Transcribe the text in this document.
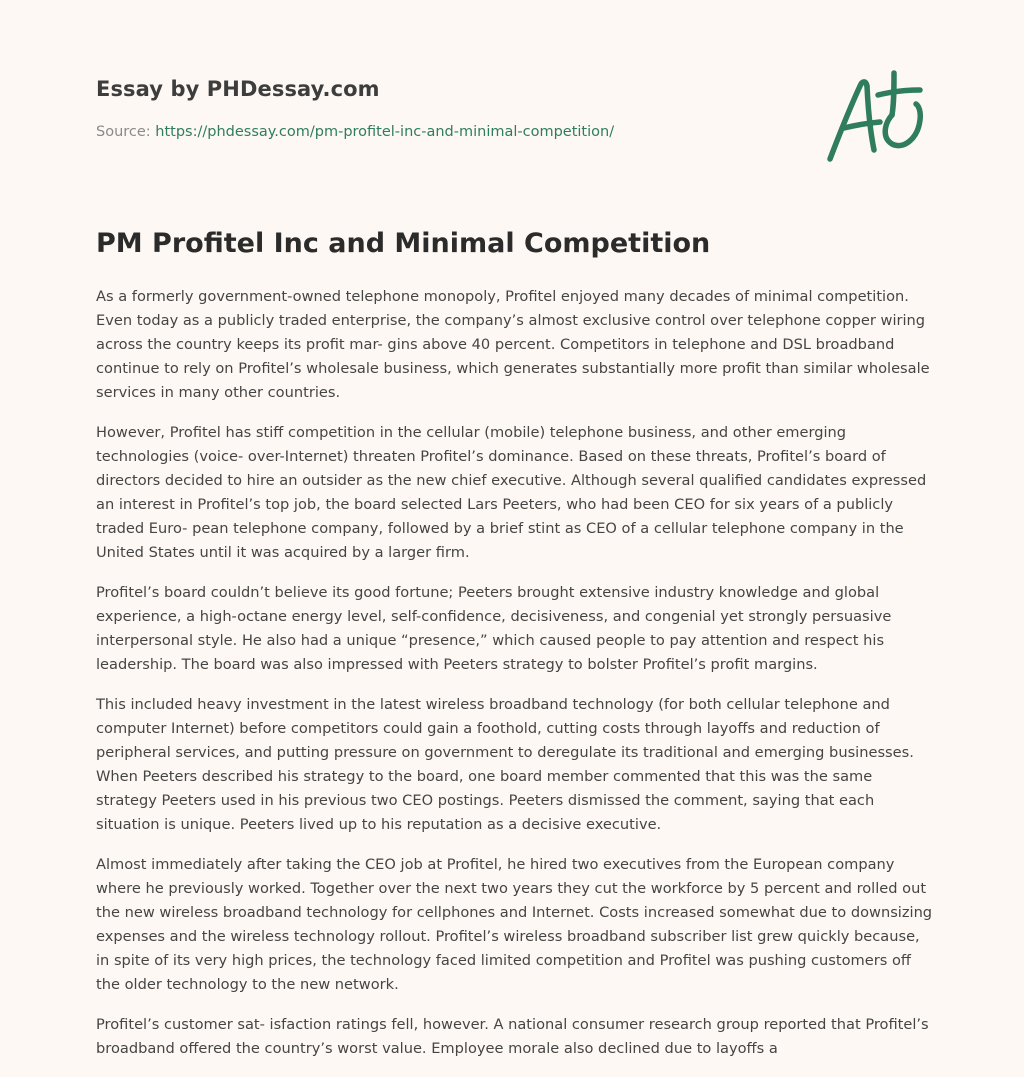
Essay by PHDessay.com
Source: https://phdessay.com/pm-profitel-inc-and-minimal-competition/
PM Profitel Inc and Minimal Competition

As a formerly government-owned telephone monopoly, Profitel enjoyed many decades of minimal competition. Even today as a publicly traded enterprise, the company’s almost exclusive control over telephone copper wiring across the country keeps its profit mar- gins above 40 percent. Competitors in telephone and DSL broadband continue to rely on Profitel’s wholesale business, which generates substantially more profit than similar wholesale services in many other countries.

However, Profitel has stiff competition in the cellular (mobile) telephone business, and other emerging technologies (voice- over-Internet) threaten Profitel’s dominance. Based on these threats, Profitel’s board of directors decided to hire an outsider as the new chief executive. Although several qualified candidates expressed an interest in Profitel’s top job, the board selected Lars Peeters, who had been CEO for six years of a publicly traded Euro- pean telephone company, followed by a brief stint as CEO of a cellular telephone company in the United States until it was acquired by a larger firm.

Profitel’s board couldn’t believe its good fortune; Peeters brought extensive industry knowledge and global experience, a high-octane energy level, self-confidence, decisiveness, and congenial yet strongly persuasive interpersonal style. He also had a unique “presence,” which caused people to pay attention and respect his leadership. The board was also impressed with Peeters strategy to bolster Profitel’s profit margins.

This included heavy investment in the latest wireless broadband technology (for both cellular telephone and computer Internet) before competitors could gain a foothold, cutting costs through layoffs and reduction of peripheral services, and putting pressure on government to deregulate its traditional and emerging businesses. When Peeters described his strategy to the board, one board member commented that this was the same strategy Peeters used in his previous two CEO postings. Peeters dismissed the comment, saying that each situation is unique. Peeters lived up to his reputation as a decisive executive.

Almost immediately after taking the CEO job at Profitel, he hired two executives from the European company where he previously worked. Together over the next two years they cut the workforce by 5 percent and rolled out the new wireless broadband technology for cellphones and Internet. Costs increased somewhat due to downsizing expenses and the wireless technology rollout. Profitel’s wireless broadband subscriber list grew quickly because, in spite of its very high prices, the technology faced limited competition and Profitel was pushing customers off the older technology to the new network.

Profitel’s customer sat- isfaction ratings fell, however. A national consumer research group reported that Profitel’s broadband offered the country’s worst value. Employee morale also declined due to layoffs a
